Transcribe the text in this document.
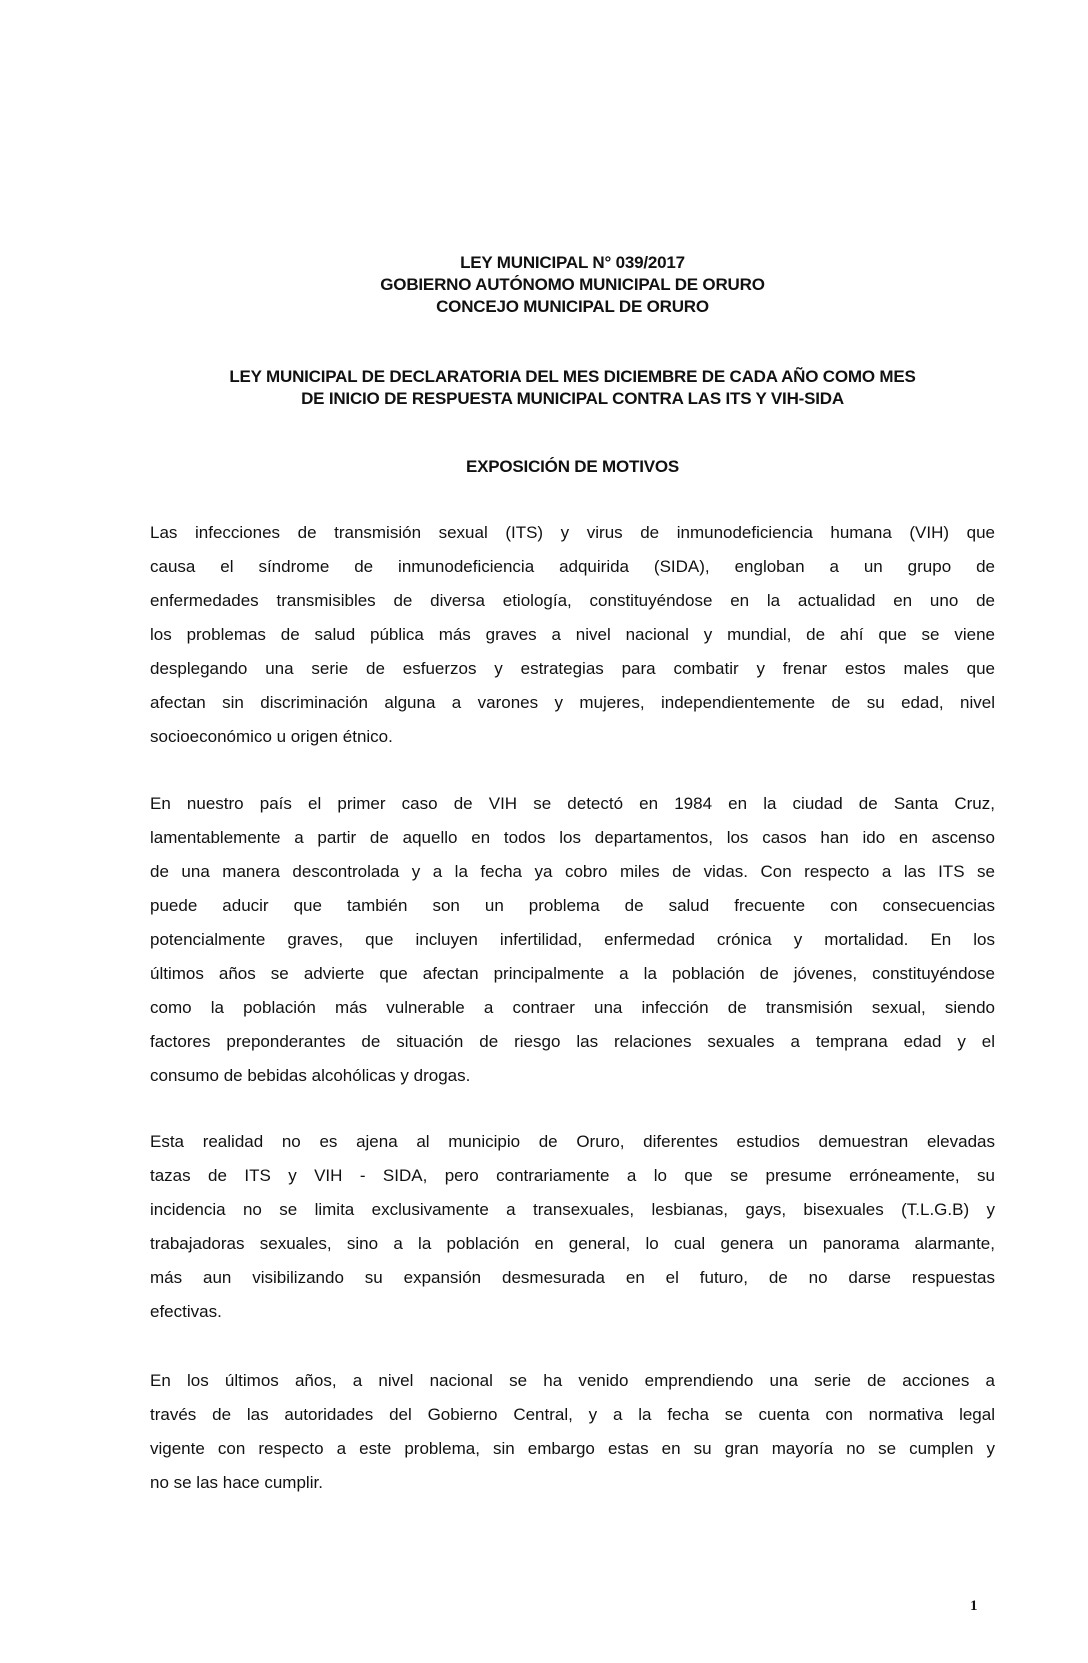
LEY MUNICIPAL N° 039/2017
GOBIERNO AUTÓNOMO MUNICIPAL DE ORURO
CONCEJO MUNICIPAL DE ORURO
LEY MUNICIPAL DE DECLARATORIA DEL MES DICIEMBRE DE CADA AÑO COMO MES
DE INICIO DE RESPUESTA MUNICIPAL CONTRA LAS ITS Y VIH-SIDA
EXPOSICIÓN DE MOTIVOS

Las infecciones de transmisión sexual (ITS) y virus de inmunodeficiencia humana (VIH) que
causa el síndrome de inmunodeficiencia adquirida (SIDA), engloban a un grupo de
enfermedades transmisibles de diversa etiología, constituyéndose en la actualidad en uno de
los problemas de salud pública más graves a nivel nacional y mundial, de ahí que se viene
desplegando una serie de esfuerzos y estrategias para combatir y frenar estos males que
afectan sin discriminación alguna a varones y mujeres, independientemente de su edad, nivel
socioeconómico u origen étnico.

En nuestro país el primer caso de VIH se detectó en 1984 en la ciudad de Santa Cruz,
lamentablemente a partir de aquello en todos los departamentos, los casos han ido en ascenso
de una manera descontrolada y a la fecha ya cobro miles de vidas. Con respecto a las ITS se
puede aducir que también son un problema de salud frecuente con consecuencias
potencialmente graves, que incluyen infertilidad, enfermedad crónica y mortalidad. En los
últimos años se advierte que afectan principalmente a la población de jóvenes, constituyéndose
como la población más vulnerable a contraer una infección de transmisión sexual, siendo
factores preponderantes de situación de riesgo las relaciones sexuales a temprana edad y el
consumo de bebidas alcohólicas y drogas.

Esta realidad no es ajena al municipio de Oruro, diferentes estudios demuestran elevadas
tazas de ITS y VIH - SIDA, pero contrariamente a lo que se presume erróneamente, su
incidencia no se limita exclusivamente a transexuales, lesbianas, gays, bisexuales (T.L.G.B) y
trabajadoras sexuales, sino a la población en general, lo cual genera un panorama alarmante,
más aun visibilizando su expansión desmesurada en el futuro, de no darse respuestas
efectivas.

En los últimos años, a nivel nacional se ha venido emprendiendo una serie de acciones a
través de las autoridades del Gobierno Central, y a la fecha se cuenta con normativa legal
vigente con respecto a este problema, sin embargo estas en su gran mayoría no se cumplen y
no se las hace cumplir.

1
